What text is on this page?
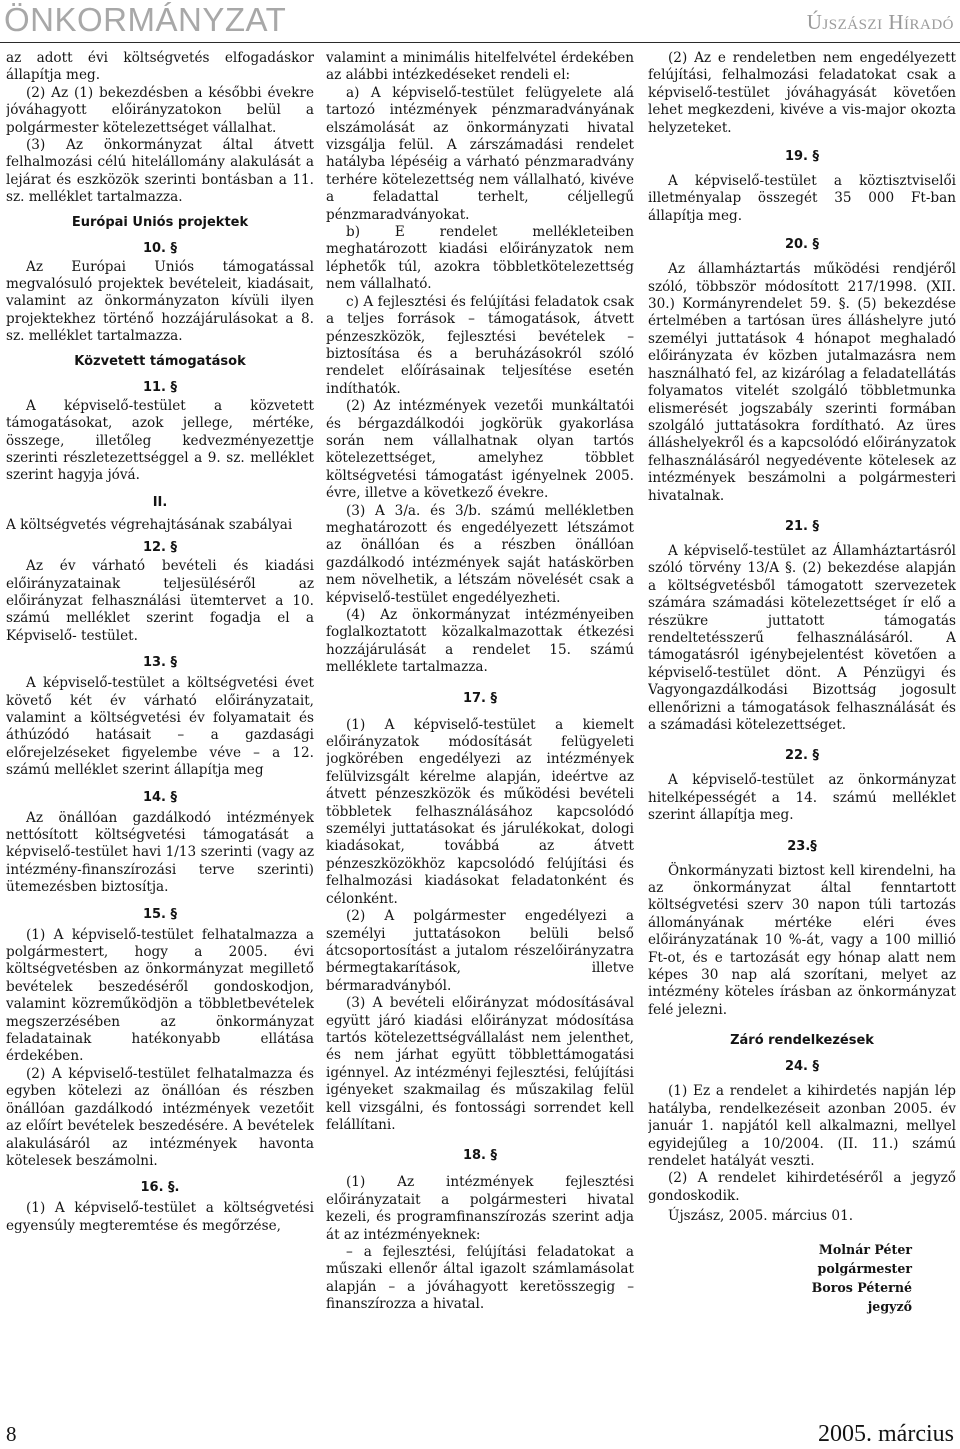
ÖNKORMÁNYZAT	Újszászi Híradó

az adott évi költségvetés elfogadáskor állapítja meg.

(2) Az (1) bekezdésben a későbbi évekre jóváhagyott előirányzatokon belül a polgármester kötelezettséget vállalhat.

(3) Az önkormányzat által átvett felhalmozási célú hitelállomány alakulását a lejárat és eszközök szerinti bontásban a 11. sz. melléklet tartalmazza.

Európai Uniós projektek
10. §

Az Európai Uniós támogatással megvalósuló projektek bevételeit, kiadásait, valamint az önkormányzaton kívüli ilyen projektekhez történő hozzájárulásokat a 8. sz. melléklet tartalmazza.

Közvetett támogatások
11. §

A képviselő-testület a közvetett támogatásokat, azok jellege, mértéke, összege, illetőleg kedvezményezettje szerinti részletezettséggel a 9. sz. melléklet szerint hagyja jóvá.

II.

A költségvetés végrehajtásának szabályai

12. §

Az év várható bevételi és kiadási előirányzatainak teljesüléséről az előirányzat felhasználási ütemtervet a 10. számú melléklet szerint fogadja el a Képviselő- testület.

13. §

A képviselő-testület a költségvetési évet követő két év várható előirányzatait, valamint a költségvetési év folyamatait és áthúzódó hatásait – a gazdasági előrejelzéseket figyelembe véve – a 12. számú melléklet szerint állapítja meg

14. §

Az önállóan gazdálkodó intézmények nettósított költségvetési támogatását a képviselő-testület havi 1/13 szerinti (vagy az intézmény-finanszírozási terve szerinti) ütemezésben biztosítja.

15. §

(1) A képviselő-testület felhatalmazza a polgármestert, hogy a 2005. évi költségvetésben az önkormányzat megillető bevételek beszedéséről gondoskodjon, valamint közreműködjön a többletbevételek megszerzésében az önkormányzat feladatainak hatékonyabb ellátása érdekében.

(2) A képviselő-testület felhatalmazza és egyben kötelezi az önállóan és részben önállóan gazdálkodó intézmények vezetőit az előírt bevételek beszedésére. A bevételek alakulásáról az intézmények havonta kötelesek beszámolni.

16. §.

(1) A képviselő-testület a költségvetési egyensúly megteremtése és megőrzése,

valamint a minimális hitelfelvétel érdekében az alábbi intézkedéseket rendeli el:

a) A képviselő-testület felügyelete alá tartozó intézmények pénzmaradványának elszámolását az önkormányzati hivatal vizsgálja felül. A zárszámadási rendelet hatályba lépéséig a várható pénzmaradvány terhére kötelezettség nem vállalható, kivéve a feladattal terhelt, céljellegű pénzmaradványokat.

b) E rendelet mellékleteiben meghatározott kiadási előirányzatok nem léphetők túl, azokra többletkötelezettség nem vállalható.

c) A fejlesztési és felújítási feladatok csak a teljes források – támogatások, átvett pénzeszközök, fejlesztési bevételek – biztosítása és a beruházásokról szóló rendelet előírásainak teljesítése esetén indíthatók.

(2) Az intézmények vezetői munkáltatói és bérgazdálkodói jogkörük gyakorlása során nem vállalhatnak olyan tartós kötelezettséget, amelyhez többlet költségvetési támogatást igényelnek 2005. évre, illetve a következő évekre.

(3) A 3/a. és 3/b. számú mellékletben meghatározott és engedélyezett létszámot az önállóan és a részben önállóan gazdálkodó intézmények saját hatáskörben nem növelhetik, a létszám növelését csak a képviselő-testület engedélyezheti.

(4) Az önkormányzat intézményeiben foglalkoztatott közalkalmazottak étkezési hozzájárulását a rendelet 15. számú melléklete tartalmazza.

17. §

(1) A képviselő-testület a kiemelt előirányzatok módosítását felügyeleti jogkörében engedélyezi az intézmények felülvizsgált kérelme alapján, ideértve az átvett pénzeszközök és működési bevételi többletek felhasználásához kapcsolódó személyi juttatásokat és járulékokat, dologi kiadásokat, továbbá az átvett pénzeszközökhöz kapcsolódó felújítási és felhalmozási kiadásokat feladatonként és célonként.

(2) A polgármester engedélyezi a személyi juttatásokon belüli belső átcsoportosítást a jutalom részelőirányzatra bérmegtakarítások, illetve bérmaradványból.

(3) A bevételi előirányzat módosításával együtt járó kiadási előirányzat módosítása tartós kötelezettségvállalást nem jelenthet, és nem járhat együtt többlettámogatási igénnyel. Az intézményi fejlesztési, felújítási igényeket szakmailag és műszakilag felül kell vizsgálni, és fontossági sorrendet kell felállítani.

18. §

(1) Az intézmények fejlesztési előirányzatait a polgármesteri hivatal kezeli, és programfinanszírozás szerint adja át az intézményeknek:

– a fejlesztési, felújítási feladatokat a műszaki ellenőr által igazolt számlamásolat alapján – a jóváhagyott keretösszegig – finanszírozza a hivatal.

(2) Az e rendeletben nem engedélyezett felújítási, felhalmozási feladatokat csak a képviselő-testület jóváhagyását követően lehet megkezdeni, kivéve a vis-major okozta helyzeteket.

19. §

A képviselő-testület a köztisztviselői illetményalap összegét 35 000 Ft-ban állapítja meg.

20. §

Az államháztartás működési rendjéről szóló, többször módosított 217/1998. (XII. 30.) Kormányrendelet 59. §. (5) bekezdése értelmében a tartósan üres álláshelyre jutó személyi juttatások 4 hónapot meghaladó előirányzata év közben jutalmazásra nem használható fel, az kizárólag a feladatellátás folyamatos vitelét szolgáló többletmunka elismerését jogszabály szerinti formában szolgáló juttatásokra fordítható. Az üres álláshelyekről és a kapcsolódó előirányzatok felhasználásáról negyedévente kötelesek az intézmények beszámolni a polgármesteri hivatalnak.

21. §

A képviselő-testület az Államháztartásról szóló törvény 13/A §. (2) bekezdése alapján a költségvetésből támogatott szervezetek számára számadási kötelezettséget ír elő a részükre juttatott támogatás rendeltetésszerű felhasználásáról. A támogatásról igénybejelentést követően a képviselő-testület dönt. A Pénzügyi és Vagyongazdálkodási Bizottság jogosult ellenőrizni a támogatások felhasználását és a számadási kötelezettséget.

22. §

A képviselő-testület az önkormányzat hitelképességét a 14. számú melléklet szerint állapítja meg.

23.§

Önkormányzati biztost kell kirendelni, ha az önkormányzat által fenntartott költségvetési szerv 30 napon túli tartozás állományának mértéke eléri éves előirányzatának 10 %-át, vagy a 100 millió Ft-ot, és e tartozását egy hónap alatt nem képes 30 nap alá szorítani, melyet az intézmény köteles írásban az önkormányzat felé jelezni.

Záró rendelkezések
24. §

(1) Ez a rendelet a kihirdetés napján lép hatályba, rendelkezéseit azonban 2005. év január 1. napjától kell alkalmazni, mellyel egyidejűleg a 10/2004. (II. 11.) számú rendelet hatályát veszti.

(2) A rendelet kihirdetéséről a jegyző gondoskodik.

Újszász, 2005. március 01.

Molnár Péter
polgármester
Boros Péterné
jegyző
8	2005. március
